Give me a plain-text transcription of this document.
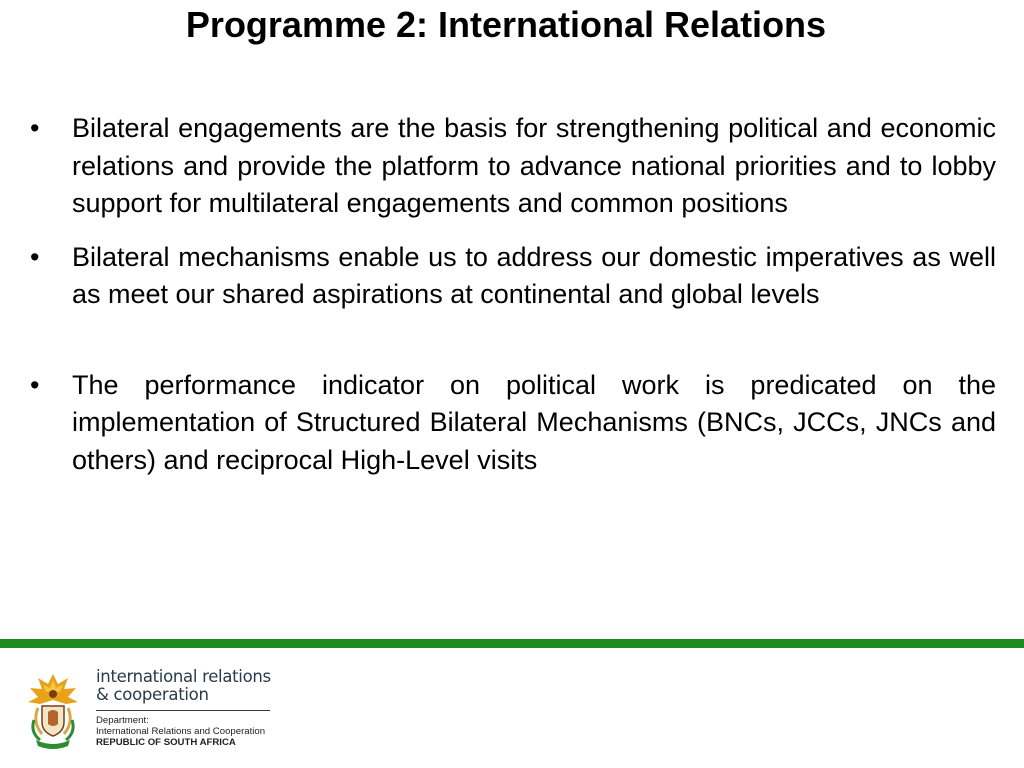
Programme 2: International Relations
• Bilateral engagements are the basis for strengthening political and economic relations and provide the platform to advance national priorities and to lobby support for multilateral engagements and common positions
• Bilateral mechanisms enable us to address our domestic imperatives as well as meet our shared aspirations at continental and global levels
• The performance indicator on political work is predicated on the implementation of Structured Bilateral Mechanisms (BNCs, JCCs, JNCs and others) and reciprocal High-Level visits
international relations
& cooperation
Department:
International Relations and Cooperation
REPUBLIC OF SOUTH AFRICA
